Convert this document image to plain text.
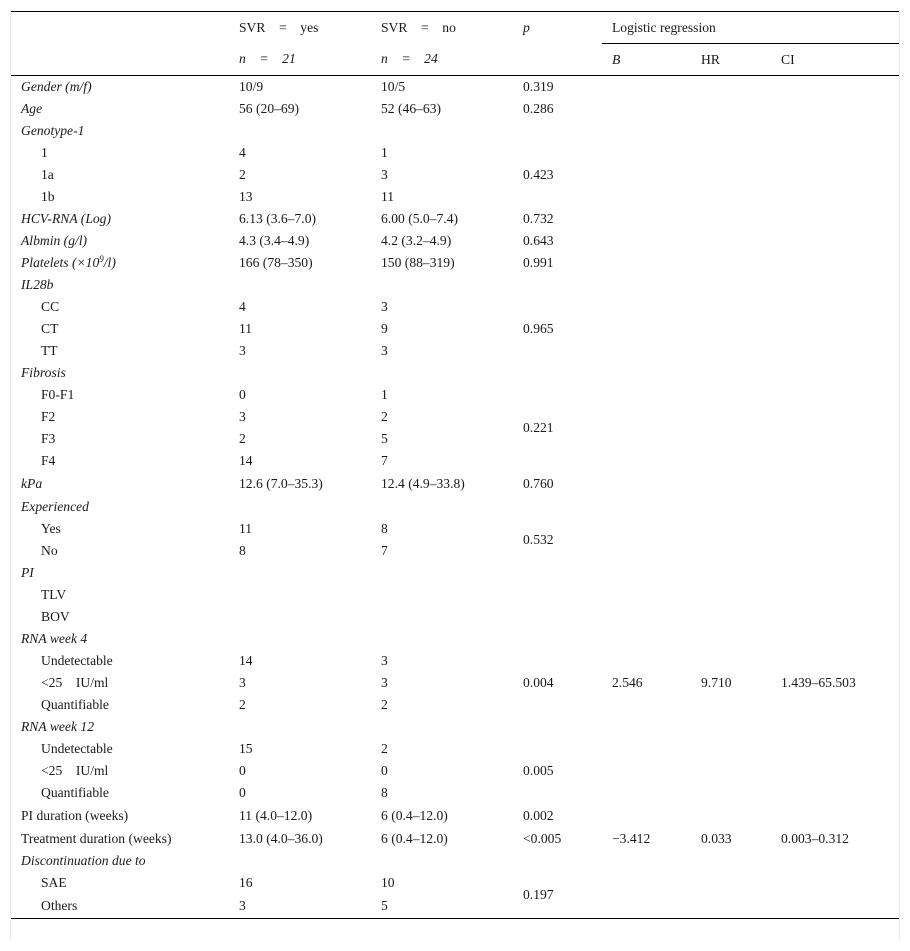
	SVR  =  yes	SVR  =  no	p	Logistic regression		
	n  =  21	n  =  24		B	HR	CI
Gender (m/f)	10/9	10/5	0.319			
Age	56 (20–69)	52 (46–63)	0.286			
Genotype-1						
1	4	1	0.423			
1a	2	3				
1b	13	11				
HCV-RNA (Log)	6.13 (3.6–7.0)	6.00 (5.0–7.4)	0.732			
Albmin (g/l)	4.3 (3.4–4.9)	4.2 (3.2–4.9)	0.643			
Platelets $(\times 10^9/l)$	166 (78–350)	150 (88–319)	0.991			
IL28b						
CC	4	3	0.965			
CT	11	9				
TT	3	3				
Fibrosis						
F0-F1	0	1	0.221			
F2	3	2				
F3	2	5				
F4	14	7				
kPa	12.6 (7.0–35.3)	12.4 (4.9–33.8)	0.760			
Experienced						
Yes	11	8	0.532			
No	8	7				
PI						
TLV						
BOV						
RNA week 4						
Undetectable	14	3	0.004	2.546	9.710	1.439–65.503
<25 IU/ml	3	3				
Quantifiable	2	2				
RNA week 12						
Undetectable	15	2	0.005			
<25 IU/ml	0	0				
Quantifiable	0	8				
PI duration (weeks)	11 (4.0–12.0)	6 (0.4–12.0)	0.002			
Treatment duration (weeks)	13.0 (4.0–36.0)	6 (0.4–12.0)	<0.005	−3.412	0.033	0.003–0.312
Discontinuation due to						
SAE	16	10	0.197			
Others	3	5				
